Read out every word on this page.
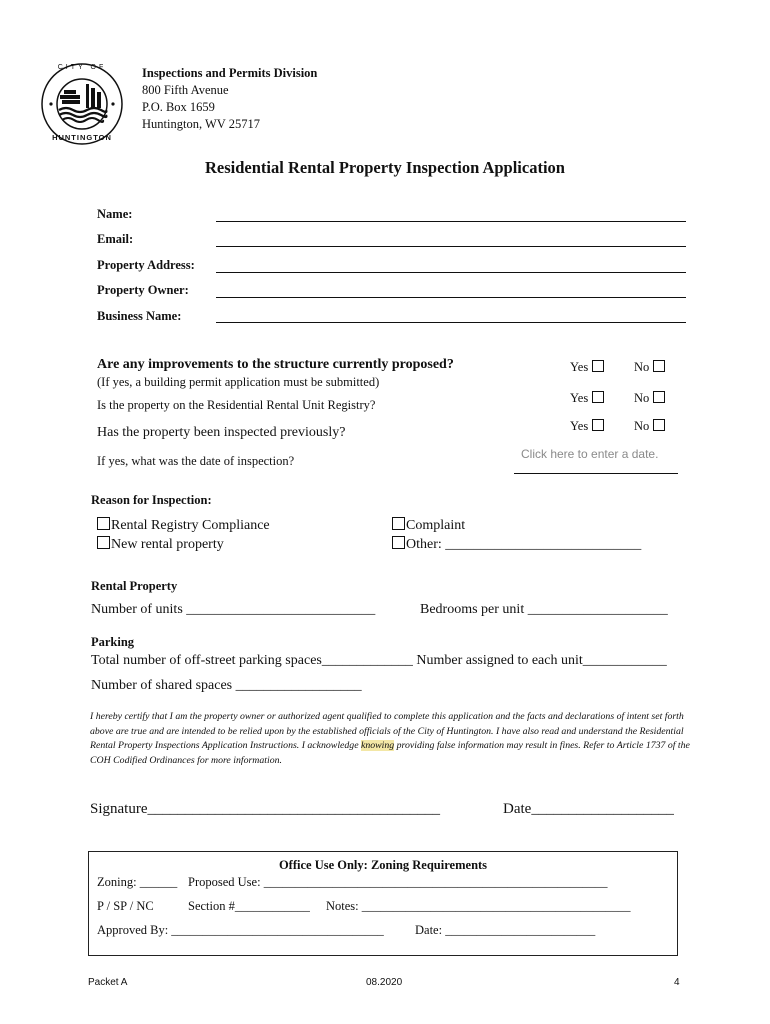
CITY OF
HUNTINGTON
Inspections and Permits Division
800 Fifth Avenue
P.O. Box 1659
Huntington, WV 25717
Residential Rental Property Inspection Application
Name:
Email:
Property Address:
Property Owner:
Business Name:
Are any improvements to the structure currently proposed?
(If yes, a building permit application must be submitted)
Yes	No
Is the property on the Residential Rental Unit Registry?	Yes	No
Has the property been inspected previously?	Yes	No
If yes, what was the date of inspection?	Click here to enter a date.
Reason for Inspection:
Rental Registry Compliance
New rental property
Complaint
Other: ____________________________
Rental Property
Number of units ___________________________	Bedrooms per unit ____________________
Parking
Total number of off-street parking spaces_____________ Number assigned to each unit____________
Number of shared spaces __________________
I hereby certify that I am the property owner or authorized agent qualified to complete this application and the facts and declarations of intent set forth above are true and are intended to be relied upon by the established officials of the City of Huntington. I have also read and understand the Residential Rental Property Inspections Application Instructions. I acknowledge knowing providing false information may result in fines. Refer to Article 1737 of the COH Codified Ordinances for more information.
Signature_______________________________________	Date___________________
Office Use Only: Zoning Requirements
Zoning: ______ Proposed Use: _______________________________________________________
P / SP / NC	Section #____________ Notes: ___________________________________________
Approved By: __________________________________ Date: ________________________
Packet A	08.2020	4
